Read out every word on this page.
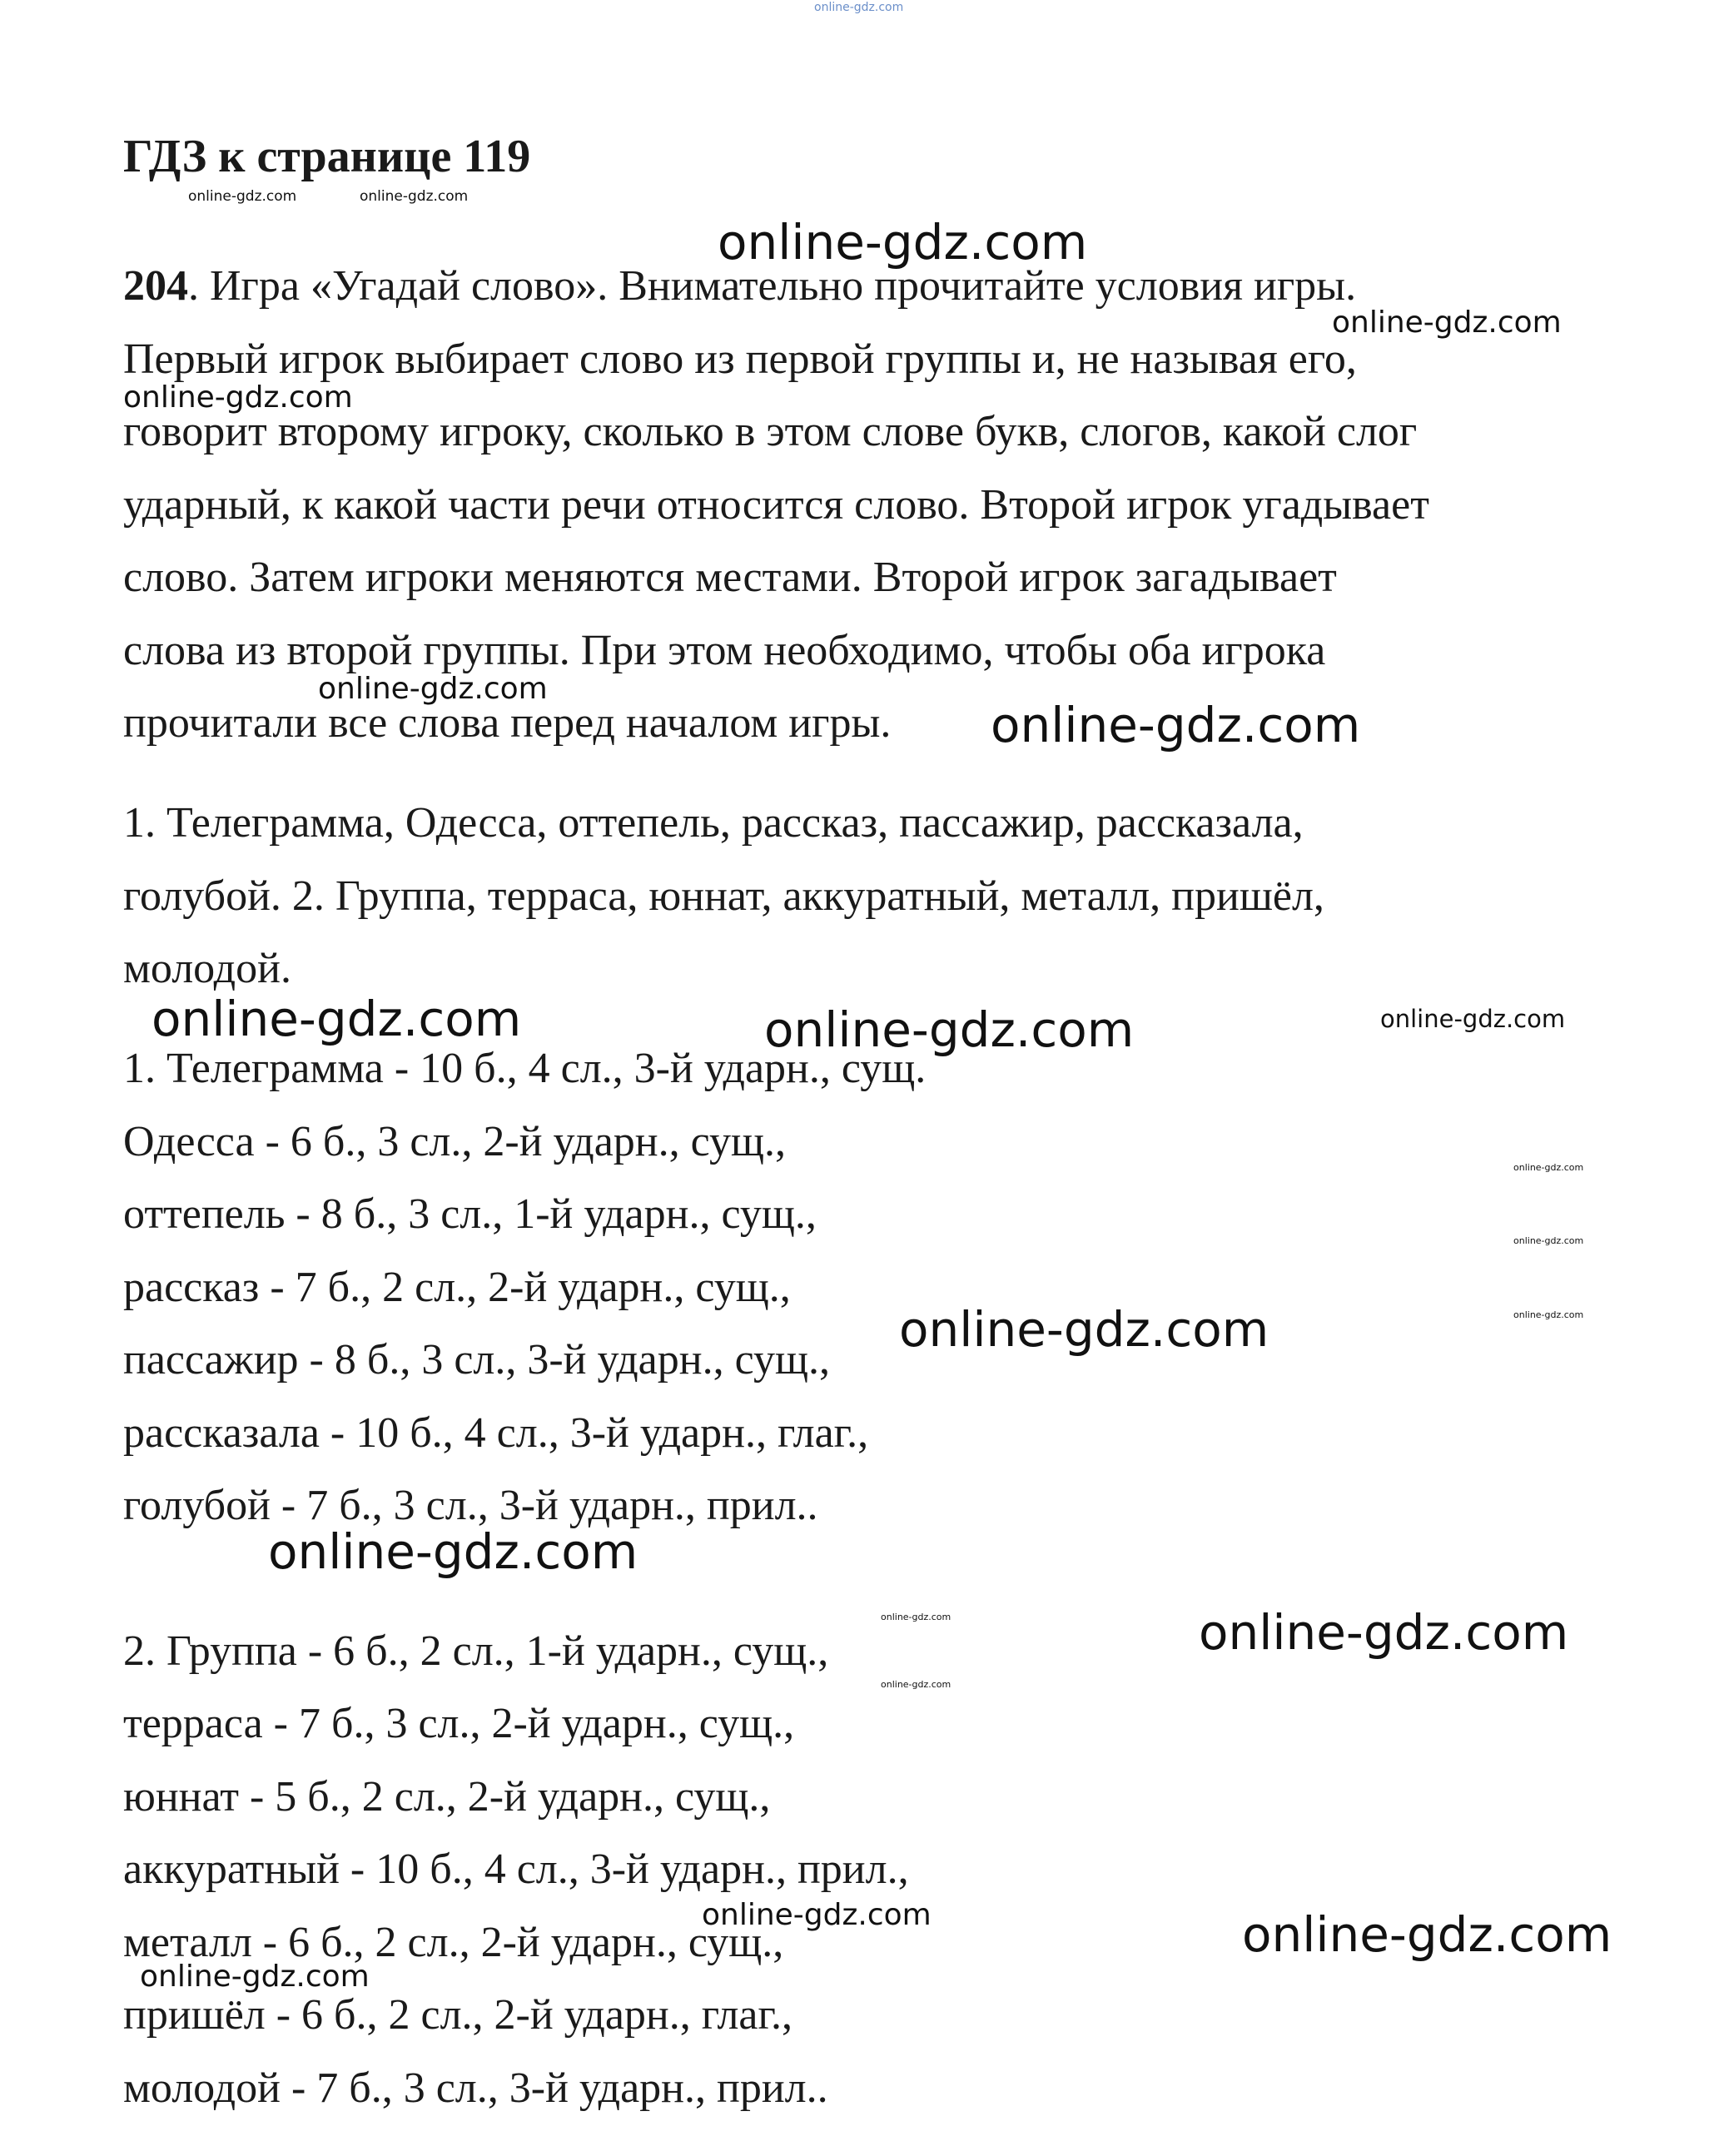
ГДЗ к странице 119
204. Игра «Угадай слово». Внимательно прочитайте условия игры.
Первый игрок выбирает слово из первой группы и, не называя его,
говорит второму игроку, сколько в этом слове букв, слогов, какой слог
ударный, к какой части речи относится слово. Второй игрок угадывает
слово. Затем игроки меняются местами. Второй игрок загадывает
слова из второй группы. При этом необходимо, чтобы оба игрока
прочитали все слова перед началом игры.
1. Телеграмма, Одесса, оттепель, рассказ, пассажир, рассказала,
голубой. 2. Группа, терраса, юннат, аккуратный, металл, пришёл,
молодой.
1. Телеграмма - 10 б., 4 сл., 3-й ударн., сущ.
Одесса - 6 б., 3 сл., 2-й ударн., сущ.,
оттепель - 8 б., 3 сл., 1-й ударн., сущ.,
рассказ - 7 б., 2 сл., 2-й ударн., сущ.,
пассажир - 8 б., 3 сл., 3-й ударн., сущ.,
рассказала - 10 б., 4 сл., 3-й ударн., глаг.,
голубой - 7 б., 3 сл., 3-й ударн., прил..
2. Группа - 6 б., 2 сл., 1-й ударн., сущ.,
терраса - 7 б., 3 сл., 2-й ударн., сущ.,
юннат - 5 б., 2 сл., 2-й ударн., сущ.,
аккуратный - 10 б., 4 сл., 3-й ударн., прил.,
металл - 6 б., 2 сл., 2-й ударн., сущ.,
пришёл - 6 б., 2 сл., 2-й ударн., глаг.,
молодой - 7 б., 3 сл., 3-й ударн., прил..
online-gdz.com
online-gdz.com	online-gdz.com
online-gdz.com
online-gdz.com
online-gdz.com
online-gdz.com
online-gdz.com
online-gdz.com	online-gdz.com	online-gdz.com
online-gdz.com
online-gdz.com
online-gdz.com
online-gdz.com
online-gdz.com
online-gdz.com
online-gdz.com
online-gdz.com
online-gdz.com	online-gdz.com
online-gdz.com
